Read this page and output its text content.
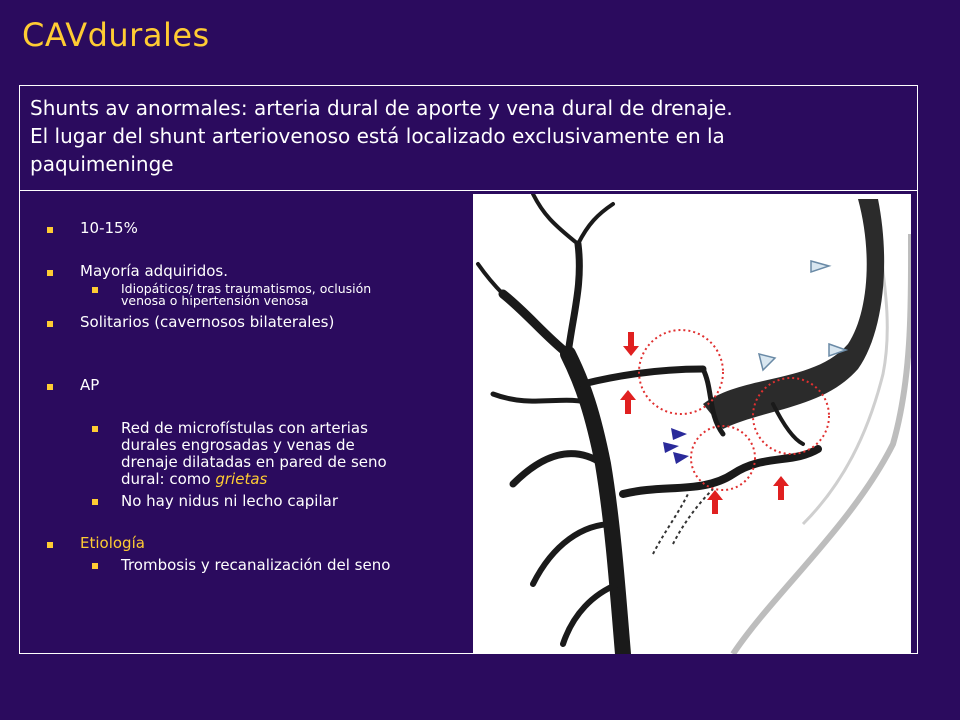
CAVdurales
Shunts av anormales: arteria dural de aporte y vena dural de drenaje.
El lugar del shunt arteriovenoso está localizado exclusivamente en la
paquimeninge
10-15%
Mayoría adquiridos.
Idiopáticos/ tras traumatismos, oclusión
venosa o hipertensión venosa
Solitarios (cavernosos bilaterales)
AP
Red de microfístulas con arterias
durales engrosadas y venas de
drenaje dilatadas en pared de seno
dural: como grietas
No hay nidus ni lecho capilar
Etiología
Trombosis y recanalización del seno
